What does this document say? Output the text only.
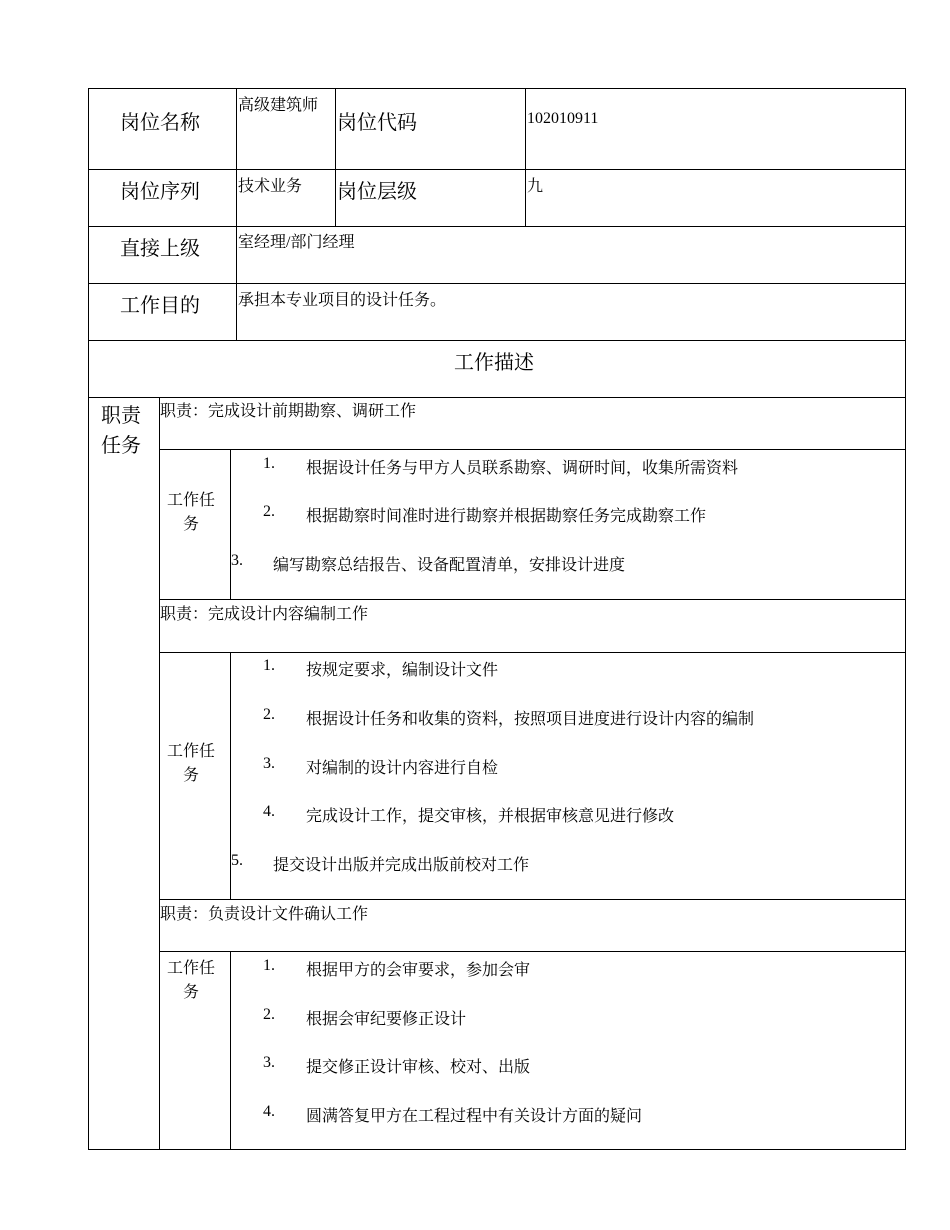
岗位名称
高级建筑师
岗位代码	102010911
岗位序列 技术业务 岗位层级	九
直接上级 室经理/部门经理
工作目的 承担本专业项目的设计任务。
工作描述
职责任务
职责：完成设计前期勘察、调研工作
工作任务
1. 根据设计任务与甲方人员联系勘察、调研时间，收集所需资料
2. 根据勘察时间准时进行勘察并根据勘察任务完成勘察工作
3. 编写勘察总结报告、设备配置清单，安排设计进度
职责：完成设计内容编制工作
工作任务
1. 按规定要求，编制设计文件
2. 根据设计任务和收集的资料，按照项目进度进行设计内容的编制
3. 对编制的设计内容进行自检
4. 完成设计工作，提交审核，并根据审核意见进行修改
5. 提交设计出版并完成出版前校对工作
职责：负责设计文件确认工作
工作任务
1. 根据甲方的会审要求，参加会审
2. 根据会审纪要修正设计
3. 提交修正设计审核、校对、出版
4. 圆满答复甲方在工程过程中有关设计方面的疑问
